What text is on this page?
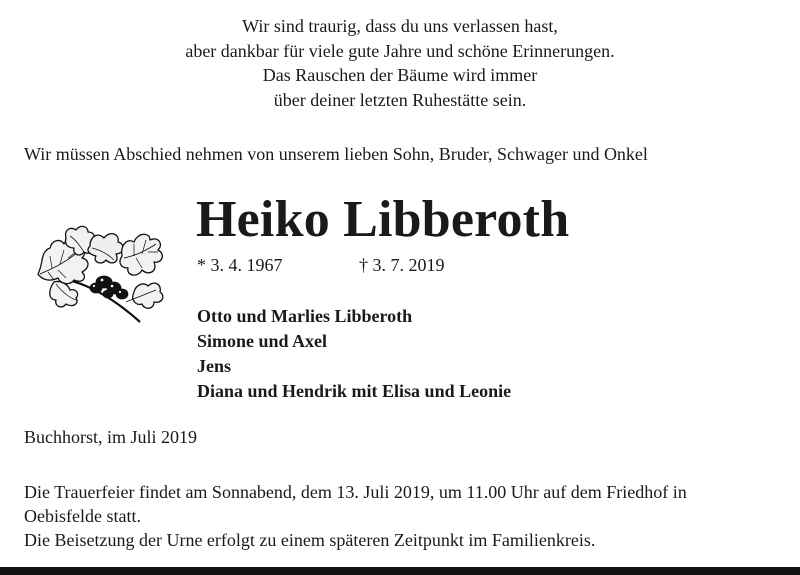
Wir sind traurig, dass du uns verlassen hast,
aber dankbar für viele gute Jahre und schöne Erinnerungen.
Das Rauschen der Bäume wird immer
über deiner letzten Ruhestätte sein.
Wir müssen Abschied nehmen von unserem lieben Sohn, Bruder, Schwager und Onkel
Heiko Libberoth
* 3. 4. 1967	† 3. 7. 2019
Otto und Marlies Libberoth
Simone und Axel
Jens
Diana und Hendrik mit Elisa und Leonie
Buchhorst, im Juli 2019
Die Trauerfeier findet am Sonnabend, dem 13. Juli 2019, um 11.00 Uhr auf dem Friedhof in
Oebisfelde statt.
Die Beisetzung der Urne erfolgt zu einem späteren Zeitpunkt im Familienkreis.
